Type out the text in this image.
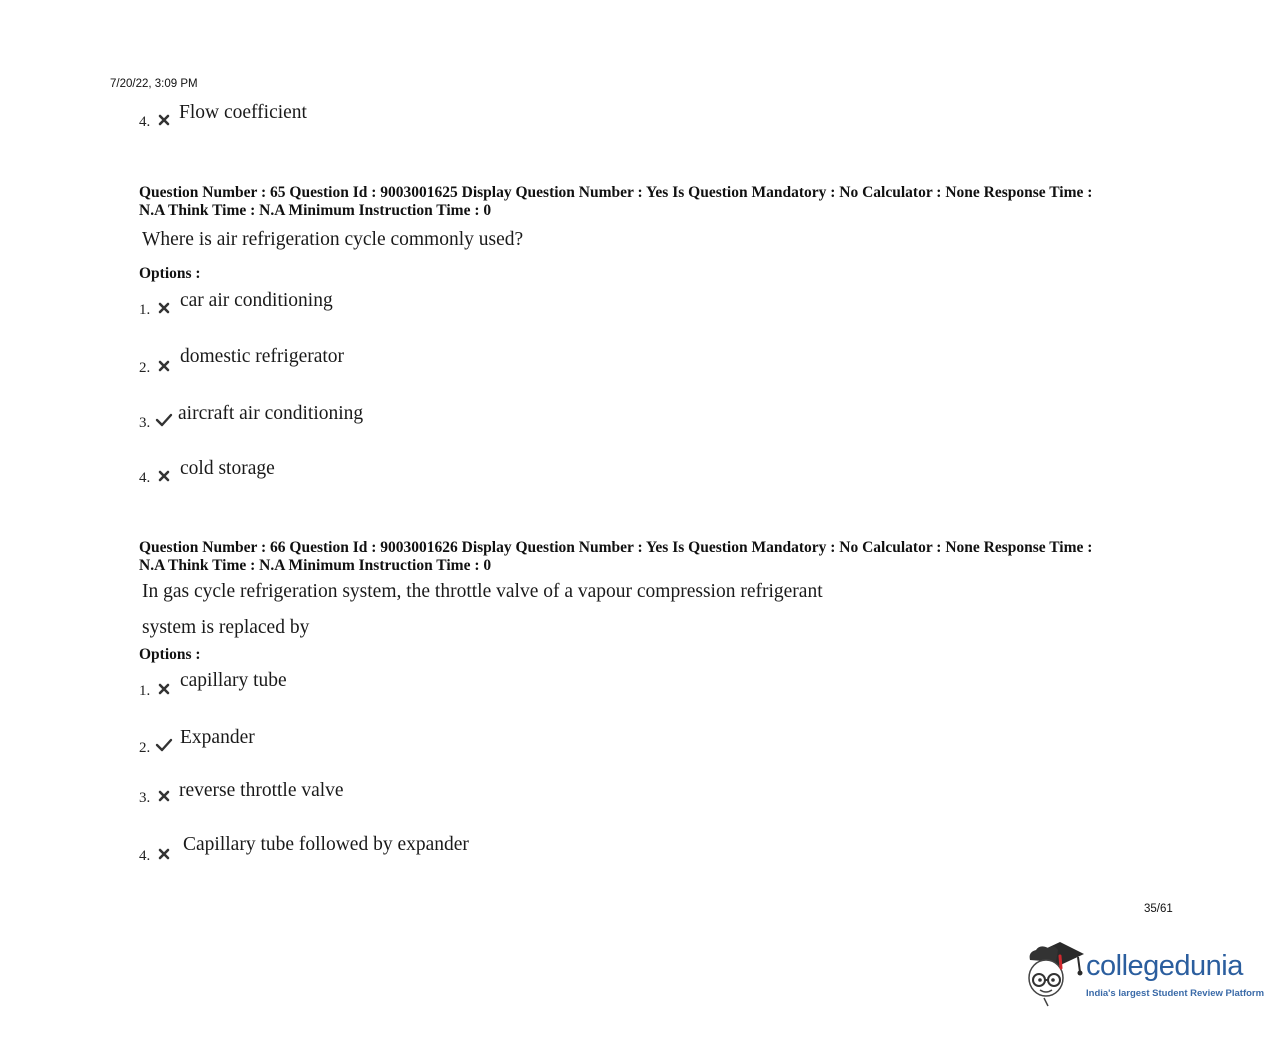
7/20/22, 3:09 PM
4. Flow coefficient
Question Number : 65 Question Id : 9003001625 Display Question Number : Yes Is Question Mandatory : No Calculator : None Response Time :
N.A Think Time : N.A Minimum Instruction Time : 0
Where is air refrigeration cycle commonly used?
Options :
1. car air conditioning
2.
domestic refrigerator
3. aircraft air conditioning
4. cold storage
Question Number : 66 Question Id : 9003001626 Display Question Number : Yes Is Question Mandatory : No Calculator : None Response Time :
N.A Think Time : N.A Minimum Instruction Time : 0
In gas cycle refrigeration system, the throttle valve of a vapour compression refrigerant
system is replaced by
Options :
1. capillary tube
2. Expander
3. reverse throttle valve
4.
Capillary tube followed by expander
35/61
collegedunia
India's largest Student Review Platform
